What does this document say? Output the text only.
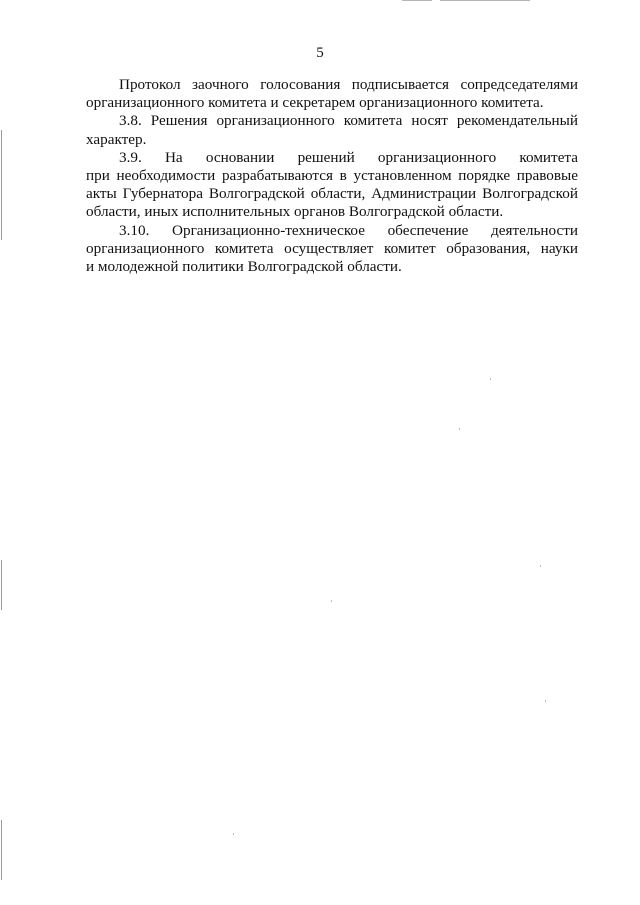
5
Протокол заочного голосования подписывается сопредседателями
организационного комитета и секретарем организационного комитета.
3.8. Решения организационного комитета носят рекомендательный
характер.
3.9. На основании решений организационного комитета
при необходимости разрабатываются в установленном порядке правовые
акты Губернатора Волгоградской области, Администрации Волгоградской
области, иных исполнительных органов Волгоградской области.
3.10. Организационно-техническое обеспечение деятельности
организационного комитета осуществляет комитет образования, науки
и молодежной политики Волгоградской области.
